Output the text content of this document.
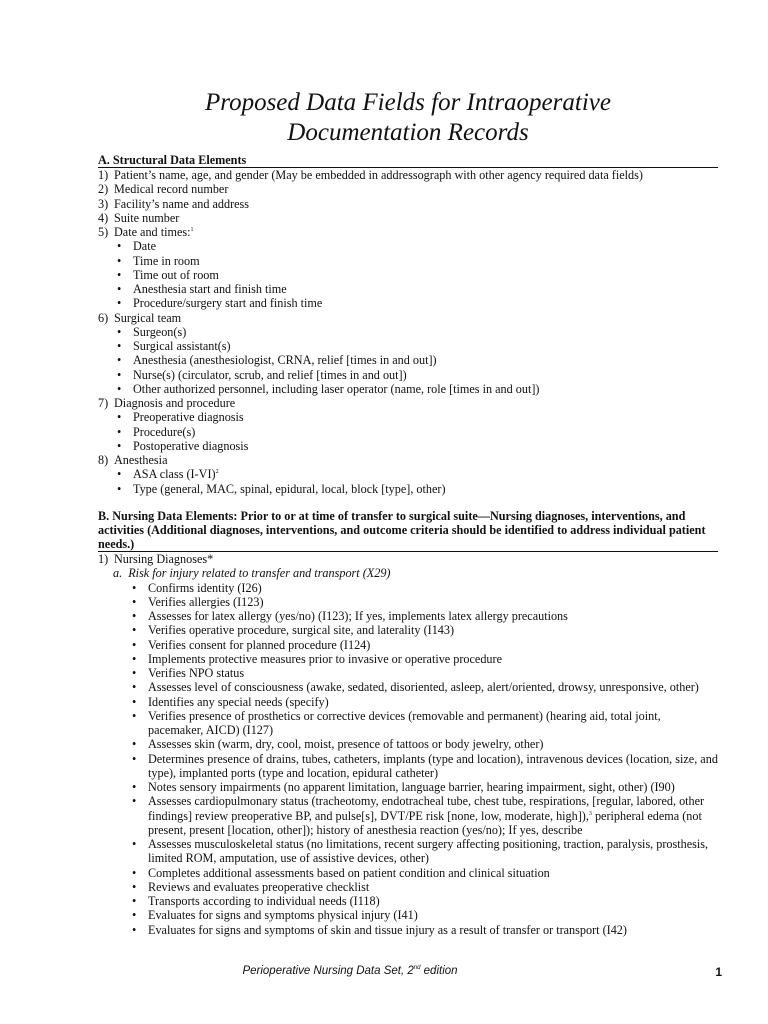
Proposed Data Fields for Intraoperative
Documentation Records
A. Structural Data Elements
1) Patient’s name, age, and gender (May be embedded in addressograph with other agency required data fields)
2) Medical record number
3) Facility’s name and address
4) Suite number
5) Date and times:$^1$
• Date
• Time in room
• Time out of room
• Anesthesia start and finish time
• Procedure/surgery start and finish time
6) Surgical team
• Surgeon(s)
• Surgical assistant(s)
• Anesthesia (anesthesiologist, CRNA, relief [times in and out])
• Nurse(s) (circulator, scrub, and relief [times in and out])
• Other authorized personnel, including laser operator (name, role [times in and out])
7) Diagnosis and procedure
• Preoperative diagnosis
• Procedure(s)
• Postoperative diagnosis
8) Anesthesia
• ASA class $(I-VI)^2$
• Type (general, MAC, spinal, epidural, local, block [type], other)
B. Nursing Data Elements: Prior to or at time of transfer to surgical suite—Nursing diagnoses, interventions, and activities (Additional diagnoses, interventions, and outcome criteria should be identified to address individual patient needs.)
1) Nursing Diagnoses*
a. Risk for injury related to transfer and transport (X29)
• Confirms identity (I26)
• Verifies allergies (I123)
• Assesses for latex allergy (yes/no) (I123); If yes, implements latex allergy precautions
• Verifies operative procedure, surgical site, and laterality (I143)
• Verifies consent for planned procedure (I124)
• Implements protective measures prior to invasive or operative procedure
• Verifies NPO status
• Assesses level of consciousness (awake, sedated, disoriented, asleep, alert/oriented, drowsy, unresponsive, other)
• Identifies any special needs (specify)
• Verifies presence of prosthetics or corrective devices (removable and permanent) (hearing aid, total joint, pacemaker, AICD) (I127)
• Assesses skin (warm, dry, cool, moist, presence of tattoos or body jewelry, other)
• Determines presence of drains, tubes, catheters, implants (type and location), intravenous devices (location, size, and type), implanted ports (type and location, epidural catheter)
• Notes sensory impairments (no apparent limitation, language barrier, hearing impairment, sight, other) (I90)
• Assesses cardiopulmonary status (tracheotomy, endotracheal tube, chest tube, respirations, [regular, labored, other findings] review preoperative BP, and pulse[s], DVT/PE risk [none, low, moderate, high]),$^3$ peripheral edema (not present, present [location, other]); history of anesthesia reaction (yes/no); If yes, describe
• Assesses musculoskeletal status (no limitations, recent surgery affecting positioning, traction, paralysis, prosthesis, limited ROM, amputation, use of assistive devices, other)
• Completes additional assessments based on patient condition and clinical situation
• Reviews and evaluates preoperative checklist
• Transports according to individual needs (I118)
• Evaluates for signs and symptoms physical injury (I41)
• Evaluates for signs and symptoms of skin and tissue injury as a result of transfer or transport (I42)
Perioperative Nursing Data Set, 2nd edition	1
